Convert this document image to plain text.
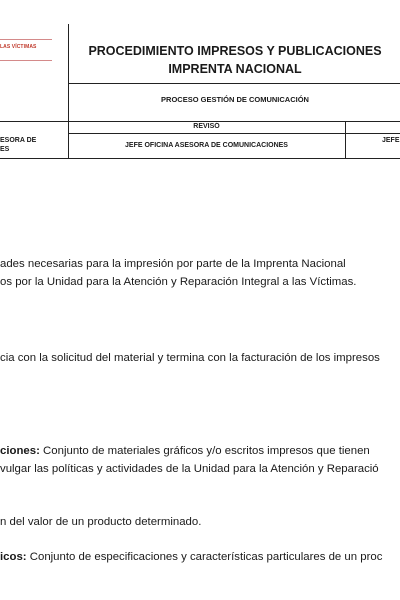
LAS VÍCTIMAS	PROCEDIMIENTO IMPRESOS Y PUBLICACIONES
IMPRENTA NACIONAL
PROCESO GESTIÓN DE COMUNICACIÓN
REVISÓ
ESORA DE
ES
JEFE OFICINA ASESORA DE COMUNICACIONES
JEFE
ades necesarias para la impresión por parte de la Imprenta Nacional
os por la Unidad para la Atención y Reparación Integral a las Víctimas.
cia con la solicitud del material y termina con la facturación de los impresos
ciones: Conjunto de materiales gráficos y/o escritos impresos que tienen
vulgar las políticas y actividades de la Unidad para la Atención y Reparació
n del valor de un producto determinado.
icos: Conjunto de especificaciones y características particulares de un proc
